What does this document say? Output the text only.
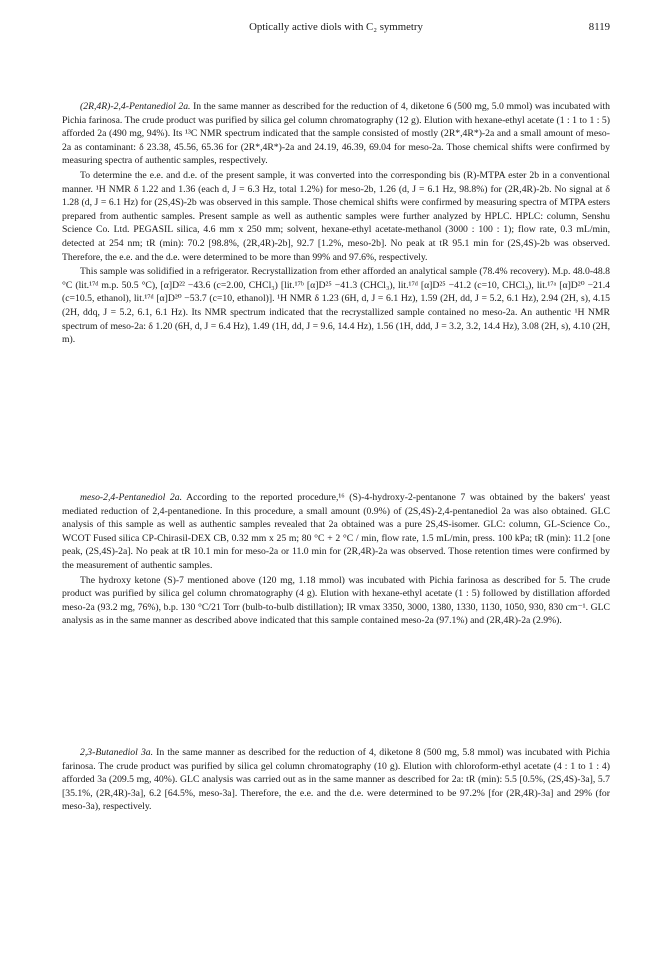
Optically active diols with C₂ symmetry	8119

(2R,4R)-2,4-Pentanediol 2a. In the same manner as described for the reduction of 4, diketone 6 (500 mg, 5.0 mmol) was incubated with Pichia farinosa. The crude product was purified by silica gel column chromatography (12 g). Elution with hexane-ethyl acetate (1 : 1 to 1 : 5) afforded 2a (490 mg, 94%). Its ¹³C NMR spectrum indicated that the sample consisted of mostly (2R*,4R*)-2a and a small amount of meso-2a as contaminant: δ 23.38, 45.56, 65.36 for (2R*,4R*)-2a and 24.19, 46.39, 69.04 for meso-2a. Those chemical shifts were confirmed by measuring spectra of authentic samples, respectively.

To determine the e.e. and d.e. of the present sample, it was converted into the corresponding bis (R)-MTPA ester 2b in a conventional manner. ¹H NMR δ 1.22 and 1.36 (each d, J = 6.3 Hz, total 1.2%) for meso-2b, 1.26 (d, J = 6.1 Hz, 98.8%) for (2R,4R)-2b. No signal at δ 1.28 (d, J = 6.1 Hz) for (2S,4S)-2b was observed in this sample. Those chemical shifts were confirmed by measuring spectra of MTPA esters prepared from authentic samples. Present sample as well as authentic samples were further analyzed by HPLC. HPLC: column, Senshu Science Co. Ltd. PEGASIL silica, 4.6 mm x 250 mm; solvent, hexane-ethyl acetate-methanol (3000 : 100 : 1); flow rate, 0.3 mL/min, detected at 254 nm; tR (min): 70.2 [98.8%, (2R,4R)-2b], 92.7 [1.2%, meso-2b]. No peak at tR 95.1 min for (2S,4S)-2b was observed. Therefore, the e.e. and the d.e. were determined to be more than 99% and 97.6%, respectively.

This sample was solidified in a refrigerator. Recrystallization from ether afforded an analytical sample (78.4% recovery). M.p. 48.0-48.8 °C (lit.¹⁷ᵈ m.p. 50.5 °C), [α]D²² −43.6 (c=2.00, CHCl₃) [lit.¹⁷ᵇ [α]D²⁵ −41.3 (CHCl₃), lit.¹⁷ᵈ [α]D²⁵ −41.2 (c=10, CHCl₃), lit.¹⁷ᵃ [α]D²⁰ −21.4 (c=10.5, ethanol), lit.¹⁷ᵈ [α]D²⁰ −53.7 (c=10, ethanol)]. ¹H NMR δ 1.23 (6H, d, J = 6.1 Hz), 1.59 (2H, dd, J = 5.2, 6.1 Hz), 2.94 (2H, s), 4.15 (2H, ddq, J = 5.2, 6.1, 6.1 Hz). Its NMR spectrum indicated that the recrystallized sample contained no meso-2a. An authentic ¹H NMR spectrum of meso-2a: δ 1.20 (6H, d, J = 6.4 Hz), 1.49 (1H, dd, J = 9.6, 14.4 Hz), 1.56 (1H, ddd, J = 3.2, 3.2, 14.4 Hz), 3.08 (2H, s), 4.10 (2H, m).

meso-2,4-Pentanediol 2a. According to the reported procedure,¹⁶ (S)-4-hydroxy-2-pentanone 7 was obtained by the bakers' yeast mediated reduction of 2,4-pentanedione. In this procedure, a small amount (0.9%) of (2S,4S)-2,4-pentanediol 2a was also obtained. GLC analysis of this sample as well as authentic samples revealed that 2a obtained was a pure 2S,4S-isomer. GLC: column, GL-Science Co., WCOT Fused silica CP-Chirasil-DEX CB, 0.32 mm x 25 m; 80 °C + 2 °C / min, flow rate, 1.5 mL/min, press. 100 kPa; tR (min): 11.2 [one peak, (2S,4S)-2a]. No peak at tR 10.1 min for meso-2a or 11.0 min for (2R,4R)-2a was observed. Those retention times were confirmed by the measurement of authentic samples.

The hydroxy ketone (S)-7 mentioned above (120 mg, 1.18 mmol) was incubated with Pichia farinosa as described for 5. The crude product was purified by silica gel column chromatography (4 g). Elution with hexane-ethyl acetate (1 : 5) followed by distillation afforded meso-2a (93.2 mg, 76%), b.p. 130 °C/21 Torr (bulb-to-bulb distillation); IR vmax 3350, 3000, 1380, 1330, 1130, 1050, 930, 830 cm⁻¹. GLC analysis as in the same manner as described above indicated that this sample contained meso-2a (97.1%) and (2R,4R)-2a (2.9%).

2,3-Butanediol 3a. In the same manner as described for the reduction of 4, diketone 8 (500 mg, 5.8 mmol) was incubated with Pichia farinosa. The crude product was purified by silica gel column chromatography (10 g). Elution with chloroform-ethyl acetate (4 : 1 to 1 : 4) afforded 3a (209.5 mg, 40%). GLC analysis was carried out as in the same manner as described for 2a: tR (min): 5.5 [0.5%, (2S,4S)-3a], 5.7 [35.1%, (2R,4R)-3a], 6.2 [64.5%, meso-3a]. Therefore, the e.e. and the d.e. were determined to be 97.2% [for (2R,4R)-3a] and 29% (for meso-3a), respectively.
